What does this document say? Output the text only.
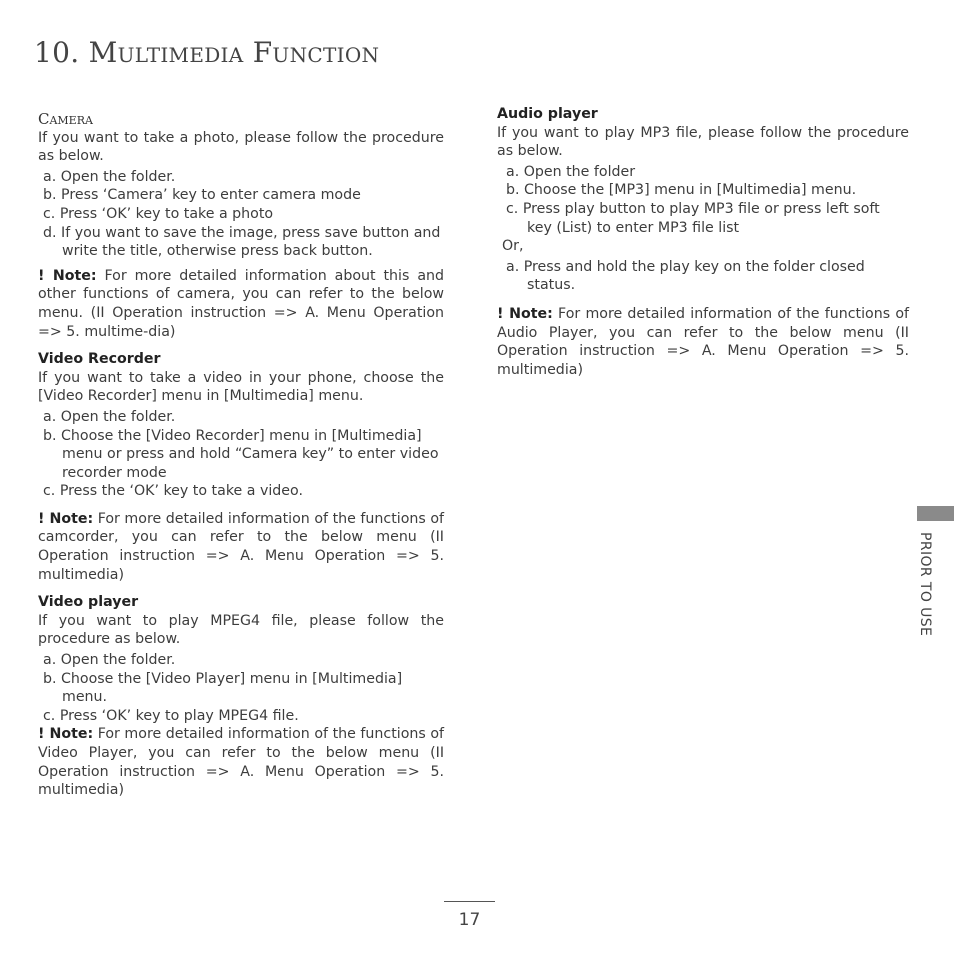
10. Multimedia Function
Camera

If you want to take a photo, please follow the procedure as below.

a. Open the folder.
b. Press ‘Camera’ key to enter camera mode
c. Press ‘OK’ key to take a photo
d. If you want to save the image, press save button and write the title, otherwise press back button.

! Note: For more detailed information about this and other functions of camera, you can refer to the below menu. (II Operation instruction => A. Menu Operation => 5. multime-dia)

Video Recorder

If you want to take a video in your phone, choose the [Video Recorder] menu in [Multimedia] menu.

a. Open the folder.
b. Choose the [Video Recorder] menu in [Multimedia] menu or press and hold “Camera key” to enter video recorder mode
c. Press the ‘OK’ key to take a video.

! Note: For more detailed information of the functions of camcorder, you can refer to the below menu (II Operation instruction => A. Menu Operation => 5. multimedia)

Video player

If you want to play MPEG4 file, please follow the procedure as below.

a. Open the folder.
b. Choose the [Video Player] menu in [Multimedia] menu.
c. Press ‘OK’ key to play MPEG4 file.

! Note: For more detailed information of the functions of Video Player, you can refer to the below menu (II Operation instruction => A. Menu Operation => 5. multimedia)

Audio player

If you want to play MP3 file, please follow the procedure as below.

a. Open the folder
b. Choose the [MP3] menu in [Multimedia] menu.
c. Press play button to play MP3 file or press left soft key (List) to enter MP3 file list

Or,

a. Press and hold the play key on the folder closed status.

! Note: For more detailed information of the functions of Audio Player, you can refer to the below menu (II Operation instruction => A. Menu Operation => 5. multimedia)

PRIOR TO USE
17
